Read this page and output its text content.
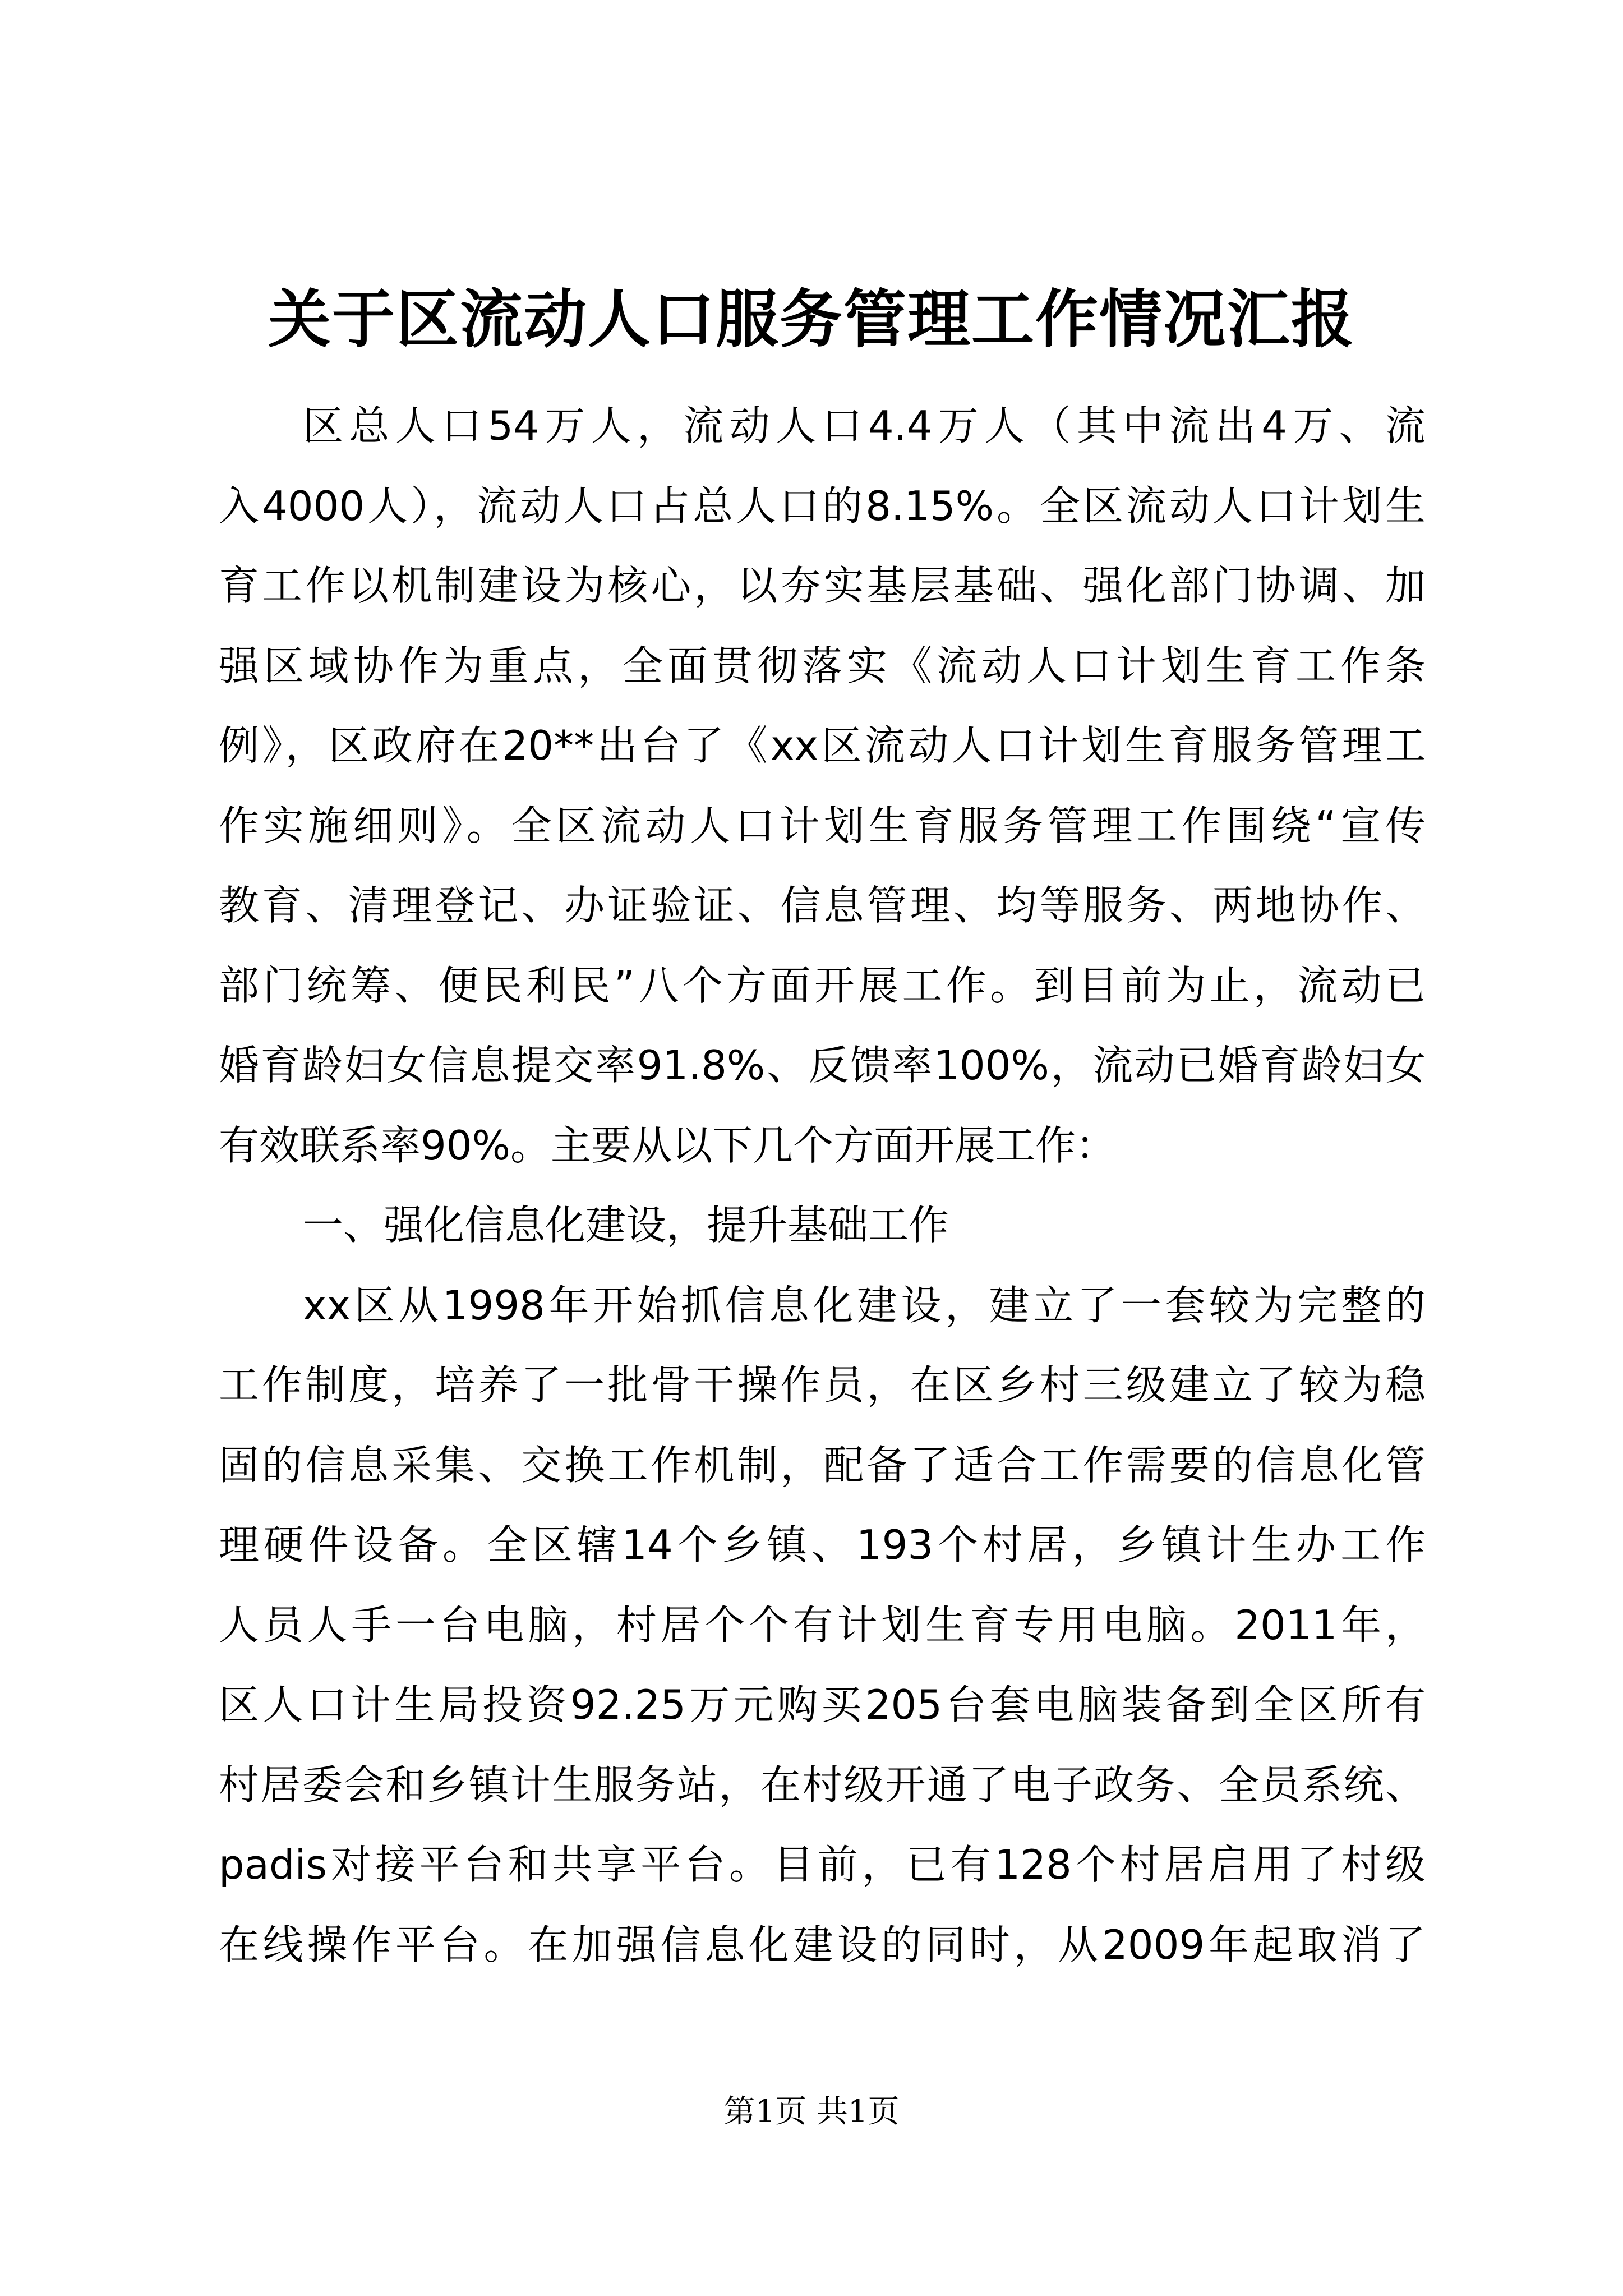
关于区流动人口服务管理工作情况汇报
区总人口54万人，流动人口4.4万人（其中流出4万、流
入4000人），流动人口占总人口的8.15%。全区流动人口计划生
育工作以机制建设为核心，以夯实基层基础、强化部门协调、加
强区域协作为重点，全面贯彻落实《流动人口计划生育工作条
例》，区政府在20**出台了《xx区流动人口计划生育服务管理工
作实施细则》。全区流动人口计划生育服务管理工作围绕“宣传
教育、清理登记、办证验证、信息管理、均等服务、两地协作、
部门统筹、便民利民”八个方面开展工作。到目前为止，流动已
婚育龄妇女信息提交率91.8%、反馈率100%，流动已婚育龄妇女
有效联系率90%。主要从以下几个方面开展工作：
一、强化信息化建设，提升基础工作
xx区从1998年开始抓信息化建设，建立了一套较为完整的
工作制度，培养了一批骨干操作员，在区乡村三级建立了较为稳
固的信息采集、交换工作机制，配备了适合工作需要的信息化管
理硬件设备。全区辖14个乡镇、193个村居，乡镇计生办工作
人员人手一台电脑，村居个个有计划生育专用电脑。2011年，
区人口计生局投资92.25万元购买205台套电脑装备到全区所有
村居委会和乡镇计生服务站，在村级开通了电子政务、全员系统、
padis对接平台和共享平台。目前，已有128个村居启用了村级
在线操作平台。在加强信息化建设的同时，从2009年起取消了
第1页 共1页
